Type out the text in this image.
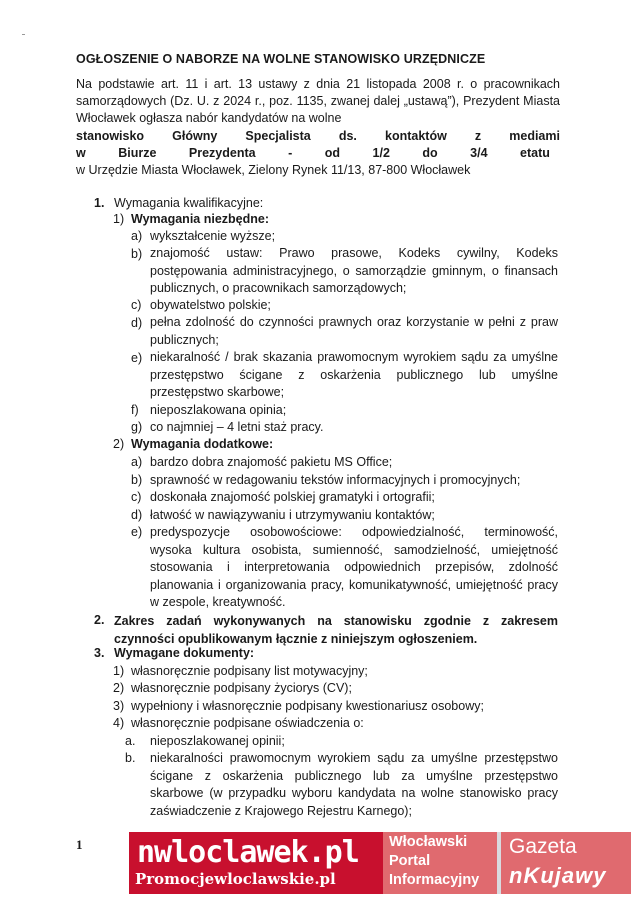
OGŁOSZENIE O NABORZE NA WOLNE STANOWISKO URZĘDNICZE
Na podstawie art. 11 i art. 13 ustawy z dnia 21 listopada 2008 r. o pracownikach samorządowych (Dz. U. z 2024 r., poz. 1135, zwanej dalej „ustawą”), Prezydent Miasta Włocławek ogłasza nabór kandydatów na wolne
stanowisko Główny Specjalista ds. kontaktów z mediami
w	Biurze	Prezydenta	-	od	1/2	do	3/4	etatu
w Urzędzie Miasta Włocławek, Zielony Rynek 11/13, 87-800 Włocławek
1. Wymagania kwalifikacyjne:
1) Wymagania niezbędne:
a) wykształcenie wyższe;
b) znajomość ustaw: Prawo prasowe, Kodeks cywilny, Kodeks
postępowania administracyjnego, o samorządzie gminnym, o finansach
publicznych, o pracownikach samorządowych;
c) obywatelstwo polskie;
d) pełna zdolność do czynności prawnych oraz korzystanie w pełni z praw
publicznych;
e) niekaralność / brak skazania prawomocnym wyrokiem sądu za umyślne
przestępstwo ścigane z oskarżenia publicznego lub umyślne
przestępstwo skarbowe;
f) nieposzlakowana opinia;
g) co najmniej – 4 letni staż pracy.
2) Wymagania dodatkowe:
a) bardzo dobra znajomość pakietu MS Office;
b) sprawność w redagowaniu tekstów informacyjnych i promocyjnych;
c) doskonała znajomość polskiej gramatyki i ortografii;
d) łatwość w nawiązywaniu i utrzymywaniu kontaktów;
e) predyspozycje osobowościowe: odpowiedzialność, terminowość,
wysoka kultura osobista, sumienność, samodzielność, umiejętność
stosowania i interpretowania odpowiednich przepisów, zdolność
planowania i organizowania pracy, komunikatywność, umiejętność pracy
w zespole, kreatywność.
2. Zakres zadań wykonywanych na stanowisku zgodnie z zakresem
czynności opublikowanym łącznie z niniejszym ogłoszeniem.
3. Wymagane dokumenty:
1) własnoręcznie podpisany list motywacyjny;
2) własnoręcznie podpisany życiorys (CV);
3) wypełniony i własnoręcznie podpisany kwestionariusz osobowy;
4) własnoręcznie podpisane oświadczenia o:
a. nieposzlakowanej opinii;
b. niekaralności prawomocnym wyrokiem sądu za umyślne przestępstwo
ścigane z oskarżenia publicznego lub za umyślne przestępstwo
skarbowe (w przypadku wyboru kandydata na wolne stanowisko pracy
zaświadczenie z Krajowego Rejestru Karnego);
1 nwloclawek.pl
Promocjewloclawskie.pl
Włocławski
Portal
Informacyjny
Gazeta
nKujawy
